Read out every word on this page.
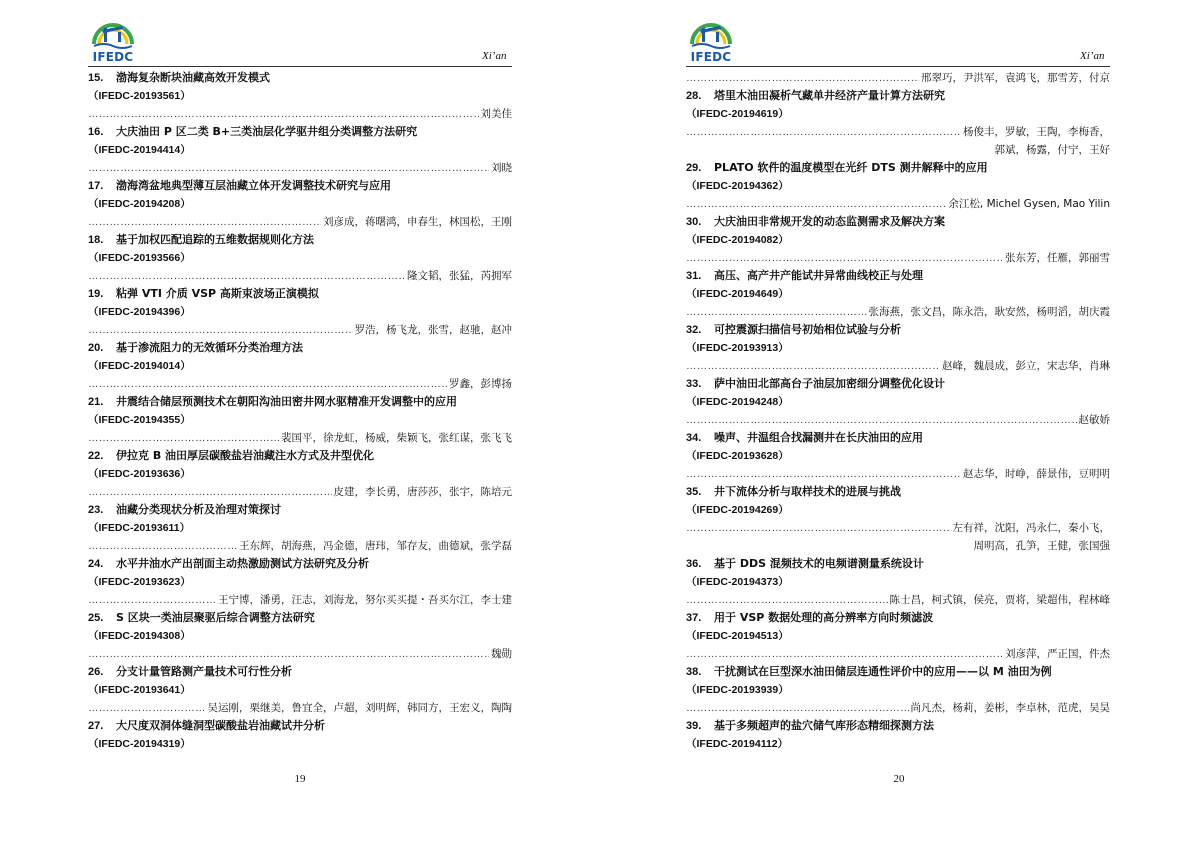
IFEDC	Xi’an
15. 渤海复杂断块油藏高效开发模式
（IFEDC-20193561）
……………………………………………………………………………………………………………………………………………………………………………………………………………………………………………………
刘美佳
16. 大庆油田 P 区二类 B+三类油层化学驱井组分类调整方法研究
（IFEDC-20194414）
……………………………………………………………………………………………………………………………………………………………………………………………………………………………………………………
刘晓
17. 渤海湾盆地典型薄互层油藏立体开发调整技术研究与应用
（IFEDC-20194208）
……………………………………………………………………………………………………………………………………………………………………………………………………………………………………………………
刘彦成，蒋曙鸿，申春生，林国松，王刚
18. 基于加权匹配追踪的五维数据规则化方法
（IFEDC-20193566）
……………………………………………………………………………………………………………………………………………………………………………………………………………………………………………………
隆文韬，张猛，芮拥军
19. 粘弹 VTI 介质 VSP 高斯束波场正演模拟
（IFEDC-20194396）
……………………………………………………………………………………………………………………………………………………………………………………………………………………………………………………
罗浩，杨飞龙，张雪，赵驰，赵冲
20. 基于渗流阻力的无效循环分类治理方法
（IFEDC-20194014）
……………………………………………………………………………………………………………………………………………………………………………………………………………………………………………………
罗鑫，彭博扬
21. 井震结合储层预测技术在朝阳沟油田密井网水驱精准开发调整中的应用
（IFEDC-20194355）
……………………………………………………………………………………………………………………………………………………………………………………………………………………………………………………
裴国平，徐龙虹，杨威，柴颖飞，张红谋，张飞飞
22. 伊拉克 B 油田厚层碳酸盐岩油藏注水方式及井型优化
（IFEDC-20193636）
……………………………………………………………………………………………………………………………………………………………………………………………………………………………………………………
皮建，李长勇，唐莎莎，张宇，陈培元
23. 油藏分类现状分析及治理对策探讨
（IFEDC-20193611）
……………………………………………………………………………………………………………………………………………………………………………………………………………………………………………………
王东辉，胡海燕，冯金德，唐玮，邹存友，曲德斌，张学磊
24. 水平井油水产出剖面主动热激励测试方法研究及分析
（IFEDC-20193623）
……………………………………………………………………………………………………………………………………………………………………………………………………………………………………………………
王宁博，潘勇，汪志，刘海龙，努尔买买提・吾买尔江，李士建
25. S 区块一类油层聚驱后综合调整方法研究
（IFEDC-20194308）
……………………………………………………………………………………………………………………………………………………………………………………………………………………………………………………
魏勋
26. 分支计量管路测产量技术可行性分析
（IFEDC-20193641）
……………………………………………………………………………………………………………………………………………………………………………………………………………………………………………………
吴运刚，栗继美，鲁宜全，卢超，刘明辉，韩同方，王宏义，陶陶
27. 大尺度双洞体缝洞型碳酸盐岩油藏试井分析
（IFEDC-20194319）
19
IFEDC	Xi’an
……………………………………………………………………………………………………………………………………………………………………………………………………………………………………………………
邢翠巧，尹洪军，袁鸿飞，那雪芳，付京
28. 塔里木油田凝析气藏单井经济产量计算方法研究
（IFEDC-20194619）
……………………………………………………………………………………………………………………………………………………………………………………………………………………………………………………
杨俊丰，罗敏，王陶，李梅香，
郭斌，杨露，付宁，王好
29. PLATO 软件的温度模型在光纤 DTS 测井解释中的应用
（IFEDC-20194362）
……………………………………………………………………………………………………………………………………………………………………………………………………………………………………………………
余江松, Michel Gysen, Mao Yilin
30. 大庆油田非常规开发的动态监测需求及解决方案
（IFEDC-20194082）
……………………………………………………………………………………………………………………………………………………………………………………………………………………………………………………
张东芳，任雁，郭丽雪
31. 高压、高产井产能试井异常曲线校正与处理
（IFEDC-20194649）
……………………………………………………………………………………………………………………………………………………………………………………………………………………………………………………
张海燕，张文昌，陈永浩，耿安然，杨明滔，胡庆霞
32. 可控震源扫描信号初始相位试验与分析
（IFEDC-20193913）
……………………………………………………………………………………………………………………………………………………………………………………………………………………………………………………
赵峰，魏晨成，彭立，宋志华，肖琳
33. 萨中油田北部高台子油层加密细分调整优化设计
（IFEDC-20194248）
……………………………………………………………………………………………………………………………………………………………………………………………………………………………………………………
赵敏娇
34. 噪声、井温组合找漏测井在长庆油田的应用
（IFEDC-20193628）
……………………………………………………………………………………………………………………………………………………………………………………………………………………………………………………
赵志华，时峥，薛景伟，豆明明
35. 井下流体分析与取样技术的进展与挑战
（IFEDC-20194269）
……………………………………………………………………………………………………………………………………………………………………………………………………………………………………………………
左有祥，沈阳，冯永仁，秦小飞，
周明高，孔笋，王健，张国强
36. 基于 DDS 混频技术的电频谱测量系统设计
（IFEDC-20194373）
……………………………………………………………………………………………………………………………………………………………………………………………………………………………………………………
陈士昌，柯式镇，侯亮，贾将，梁超伟，程林峰
37. 用于 VSP 数据处理的高分辨率方向时频滤波
（IFEDC-20194513）
……………………………………………………………………………………………………………………………………………………………………………………………………………………………………………………
刘彦萍，严正国，件杰
38. 干扰测试在巨型深水油田储层连通性评价中的应用——以 M 油田为例
（IFEDC-20193939）
……………………………………………………………………………………………………………………………………………………………………………………………………………………………………………………
尚凡杰，杨莉，姜彬，李卓林，范虎，吴昊
39. 基于多频超声的盐穴储气库形态精细探测方法
（IFEDC-20194112）
20
